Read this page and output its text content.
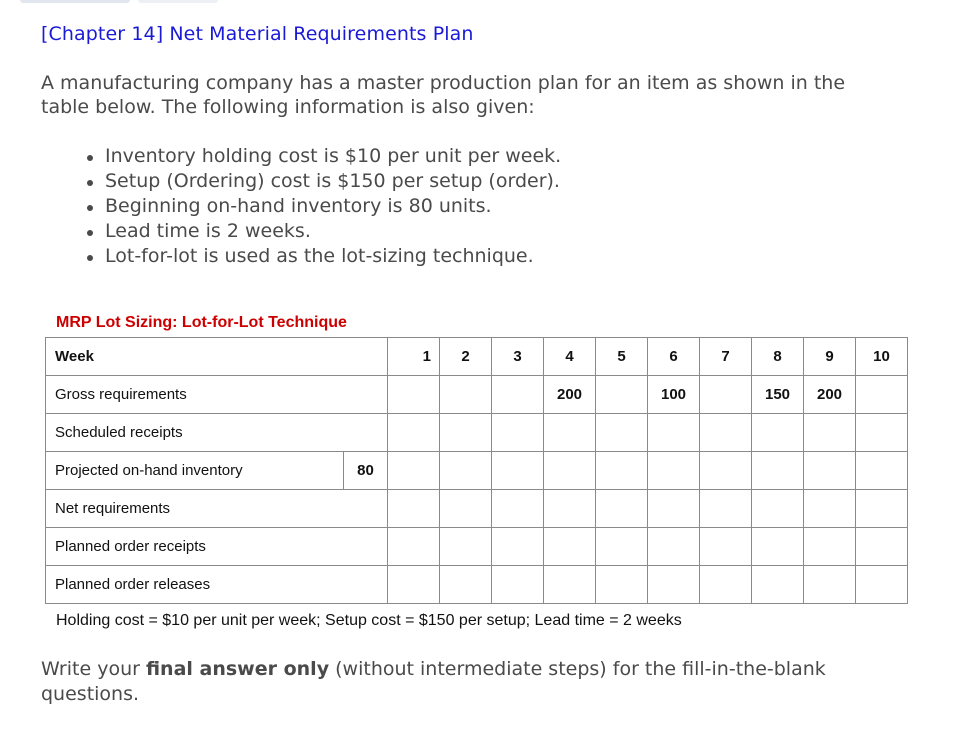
[Chapter 14] Net Material Requirements Plan

A manufacturing company has a master production plan for an item as shown in the table below. The following information is also given:

Inventory holding cost is $10 per unit per week.
Setup (Ordering) cost is $150 per setup (order).
Beginning on-hand inventory is 80 units.
Lead time is 2 weeks.
Lot-for-lot is used as the lot-sizing technique.
MRP Lot Sizing: Lot-for-Lot Technique
Week		1	2	3	4	5	6	7	8	9	10
Gross requirements					200		100		150	200	
Scheduled receipts											
Projected on-hand inventory	80										
Net requirements											
Planned order receipts											
Planned order releases											
Holding cost = $10 per unit per week; Setup cost = $150 per setup; Lead time = 2 weeks

Write your final answer only (without intermediate steps) for the fill-in-the-blank questions.
